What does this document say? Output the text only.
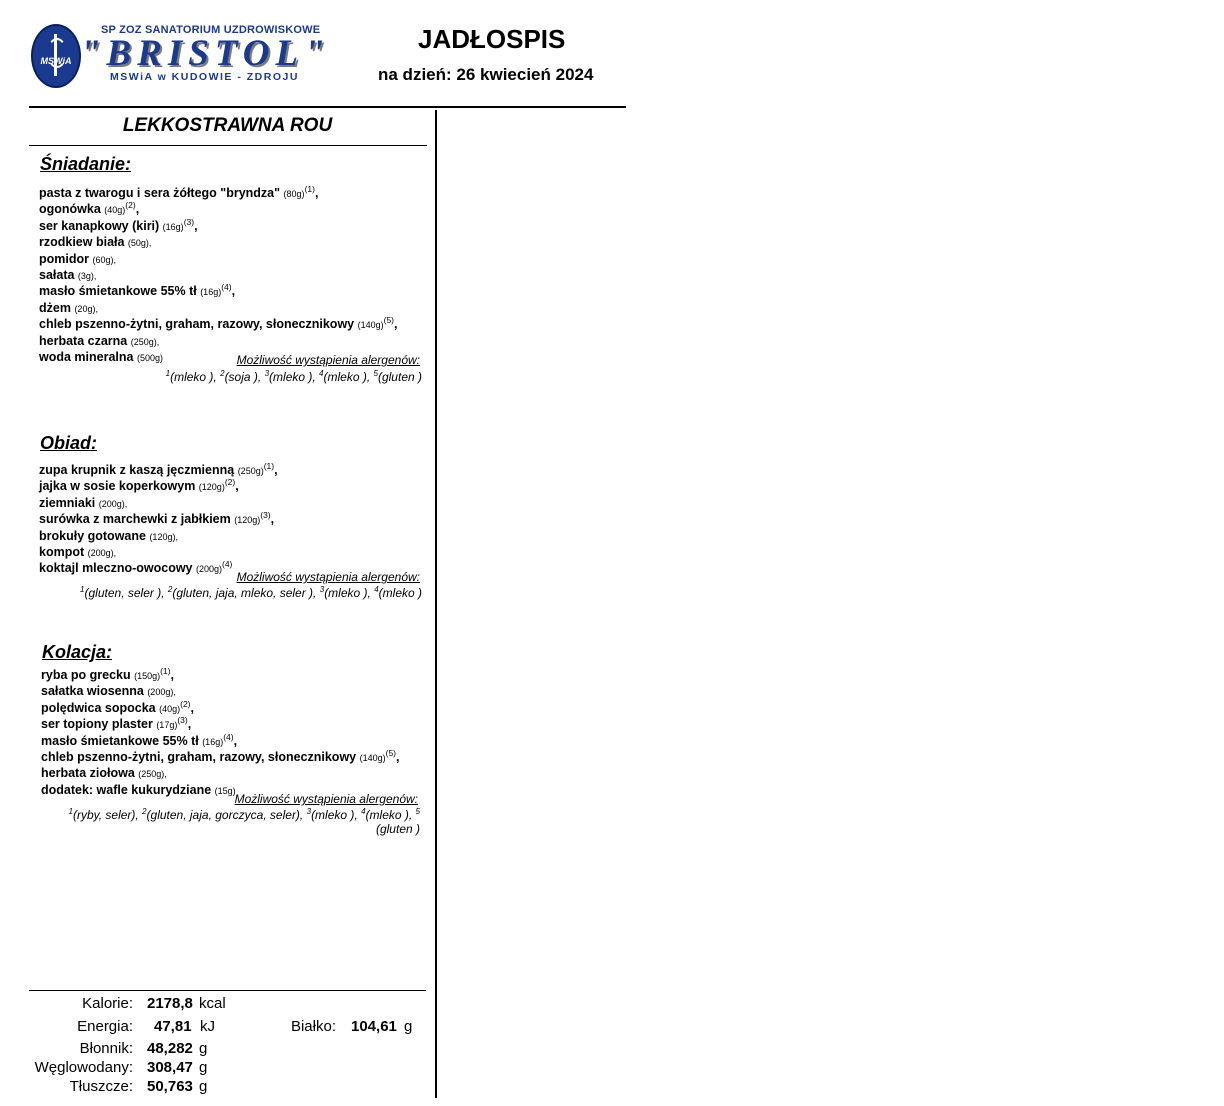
MSWiA
SP ZOZ SANATORIUM UZDROWISKOWE
"BRISTOL"
MSWiA w KUDOWIE - ZDROJU
JADŁOSPIS
na dzień: 26 kwiecień 2024
LEKKOSTRAWNA ROU
Śniadanie:
pasta z twarogu i sera żółtego "bryndza" $(80g)^{(1)}$,
ogonówka $(40g)^{(2)}$,
ser kanapkowy (kiri) $(16g)^{(3)}$,
rzodkiew biała (50g),
pomidor (60g),
sałata (3g),
masło śmietankowe 55% tł $(16g)^{(4)}$,
dżem (20g),
chleb pszenno-żytni, graham, razowy, słonecznikowy $(140g)^{(5)}$,
herbata czarna (250g),
woda mineralna (500g)	Możliwość wystąpienia alergenów:
$^1$(mleko ), $^2$(soja ), $^3$(mleko ), $^4$(mleko ), $^5$(gluten )
Obiad:
zupa krupnik z kaszą jęczmienną $(250g)^{(1)}$,
jajka w sosie koperkowym $(120g)^{(2)}$,
ziemniaki (200g),
surówka z marchewki z jabłkiem $(120g)^{(3)}$,
brokuły gotowane (120g),
kompot (200g),
koktajl mleczno-owocowy $(200g)^{(4)}$
Możliwość wystąpienia alergenów:
$^1$(gluten, seler ), $^2$(gluten, jaja, mleko, seler ), $^3$(mleko ), $^4$(mleko )
Kolacja:
ryba po grecku $(150g)^{(1)}$,
sałatka wiosenna (200g),
polędwica sopocka $(40g)^{(2)}$,
ser topiony plaster $(17g)^{(3)}$,
masło śmietankowe 55% tł $(16g)^{(4)}$,
chleb pszenno-żytni, graham, razowy, słonecznikowy $(140g)^{(5)}$,
herbata ziołowa (250g),
dodatek: wafle kukurydziane (15g)
Możliwość wystąpienia alergenów:
$^1$(ryby, seler), $^2$(gluten, jaja, gorczyca, seler), $^3$(mleko ), $^4$(mleko ), $^5$
(gluten )
Kalorie: 2178,8 kcal
Energia: 47,81 kJ	Białko: 104,61 g
Błonnik: 48,282 g
Węglowodany: 308,47 g
Tłuszcze: 50,763 g
